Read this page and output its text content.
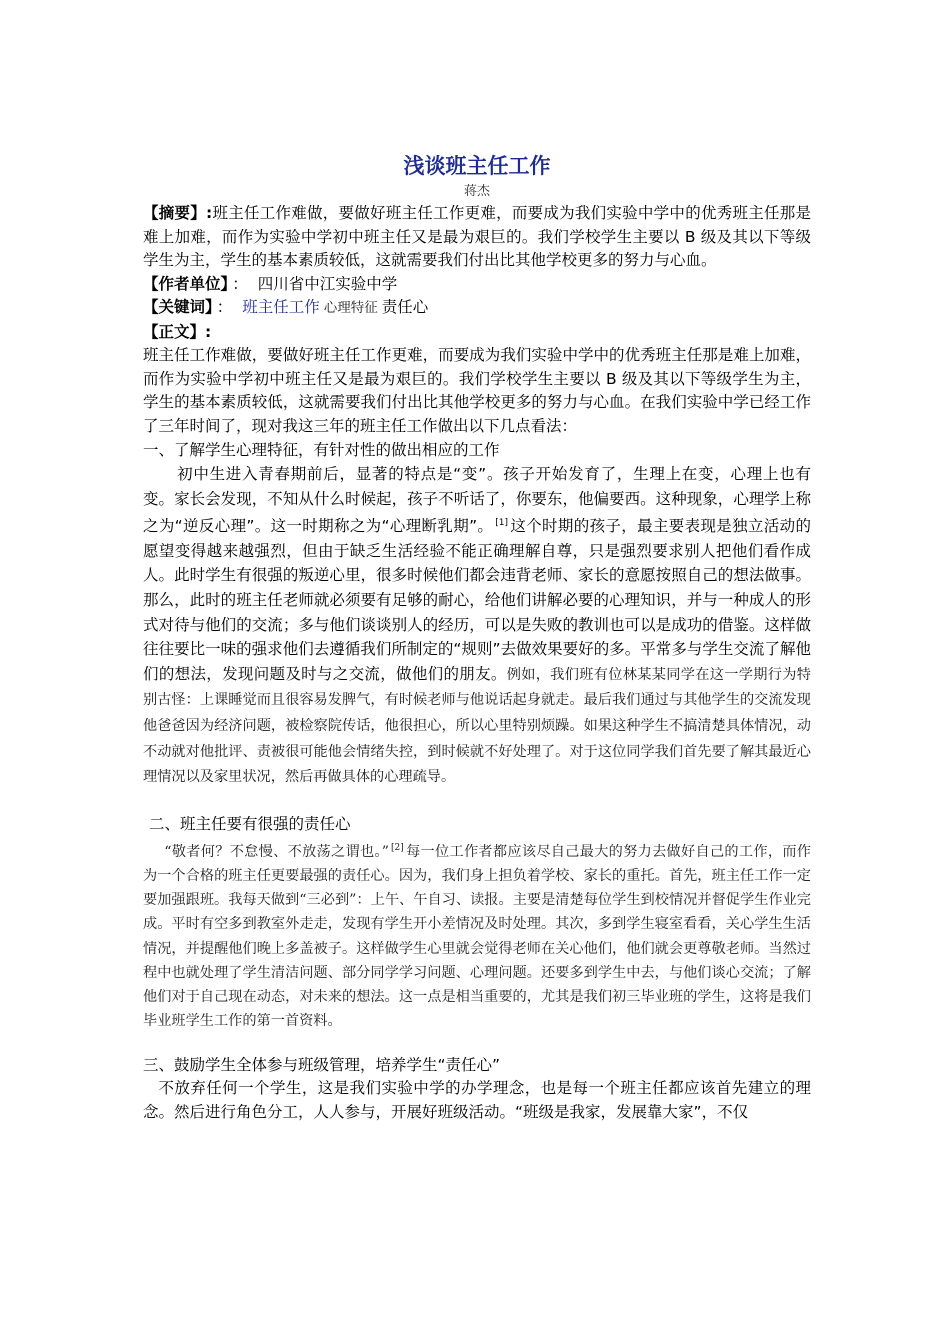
浅谈班主任工作

蒋杰

【摘要】:班主任工作难做，要做好班主任工作更难，而要成为我们实验中学中的优秀班主任那是难上加难，而作为实验中学初中班主任又是最为艰巨的。我们学校学生主要以 B 级及其以下等级学生为主，学生的基本素质较低，这就需要我们付出比其他学校更多的努力与心血。

【作者单位】 ： 四川省中江实验中学

【关键词】 ： 班主任工作 心理特征 责任心

【正文】:

班主任工作难做，要做好班主任工作更难，而要成为我们实验中学中的优秀班主任那是难上加难，而作为实验中学初中班主任又是最为艰巨的。我们学校学生主要以 B 级及其以下等级学生为主，学生的基本素质较低，这就需要我们付出比其他学校更多的努力与心血。在我们实验中学已经工作了三年时间了，现对我这三年的班主任工作做出以下几点看法：

一、了解学生心理特征，有针对性的做出相应的工作

初中生进入青春期前后，显著的特点是“变”。孩子开始发育了，生理上在变，心理上也有变。家长会发现，不知从什么时候起，孩子不听话了，你要东，他偏要西。这种现象，心理学上称之为“逆反心理”。这一时期称之为“心理断乳期”。 [1] 这个时期的孩子，最主要表现是独立活动的愿望变得越来越强烈，但由于缺乏生活经验不能正确理解自尊，只是强烈要求别人把他们看作成人。此时学生有很强的叛逆心里，很多时候他们都会违背老师、家长的意愿按照自己的想法做事。那么，此时的班主任老师就必须要有足够的耐心，给他们讲解必要的心理知识，并与一种成人的形式对待与他们的交流；多与他们谈谈别人的经历，可以是失败的教训也可以是成功的借鉴。这样做往往要比一味的强求他们去遵循我们所制定的“规则”去做效果要好的多。平常多与学生交流了解他们的想法，发现问题及时与之交流，做他们的朋友。例如，我们班有位林某某同学在这一学期行为特别古怪：上课睡觉而且很容易发脾气，有时候老师与他说话起身就走。最后我们通过与其他学生的交流发现他爸爸因为经济问题，被检察院传话，他很担心，所以心里特别烦躁。如果这种学生不搞清楚具体情况，动不动就对他批评、责被很可能他会情绪失控，到时候就不好处理了。对于这位同学我们首先要了解其最近心理情况以及家里状况，然后再做具体的心理疏导。

二、班主任要有很强的责任心

“敬者何？不怠慢、不放荡之谓也。” [2] 每一位工作者都应该尽自己最大的努力去做好自己的工作，而作为一个合格的班主任更要最强的责任心。因为，我们身上担负着学校、家长的重托。首先，班主任工作一定要加强跟班。我每天做到“三必到”：上午、午自习、读报。主要是清楚每位学生到校情况并督促学生作业完成。平时有空多到教室外走走，发现有学生开小差情况及时处理。其次，多到学生寝室看看，关心学生生活情况，并提醒他们晚上多盖被子。这样做学生心里就会觉得老师在关心他们，他们就会更尊敬老师。当然过程中也就处理了学生清洁问题、部分同学学习问题、心理问题。还要多到学生中去，与他们谈心交流；了解他们对于自己现在动态，对未来的想法。这一点是相当重要的，尤其是我们初三毕业班的学生，这将是我们毕业班学生工作的第一首资料。

三、鼓励学生全体参与班级管理，培养学生“责任心”

不放弃任何一个学生，这是我们实验中学的办学理念，也是每一个班主任都应该首先建立的理念。然后进行角色分工，人人参与，开展好班级活动。“班级是我家，发展靠大家”，不仅
